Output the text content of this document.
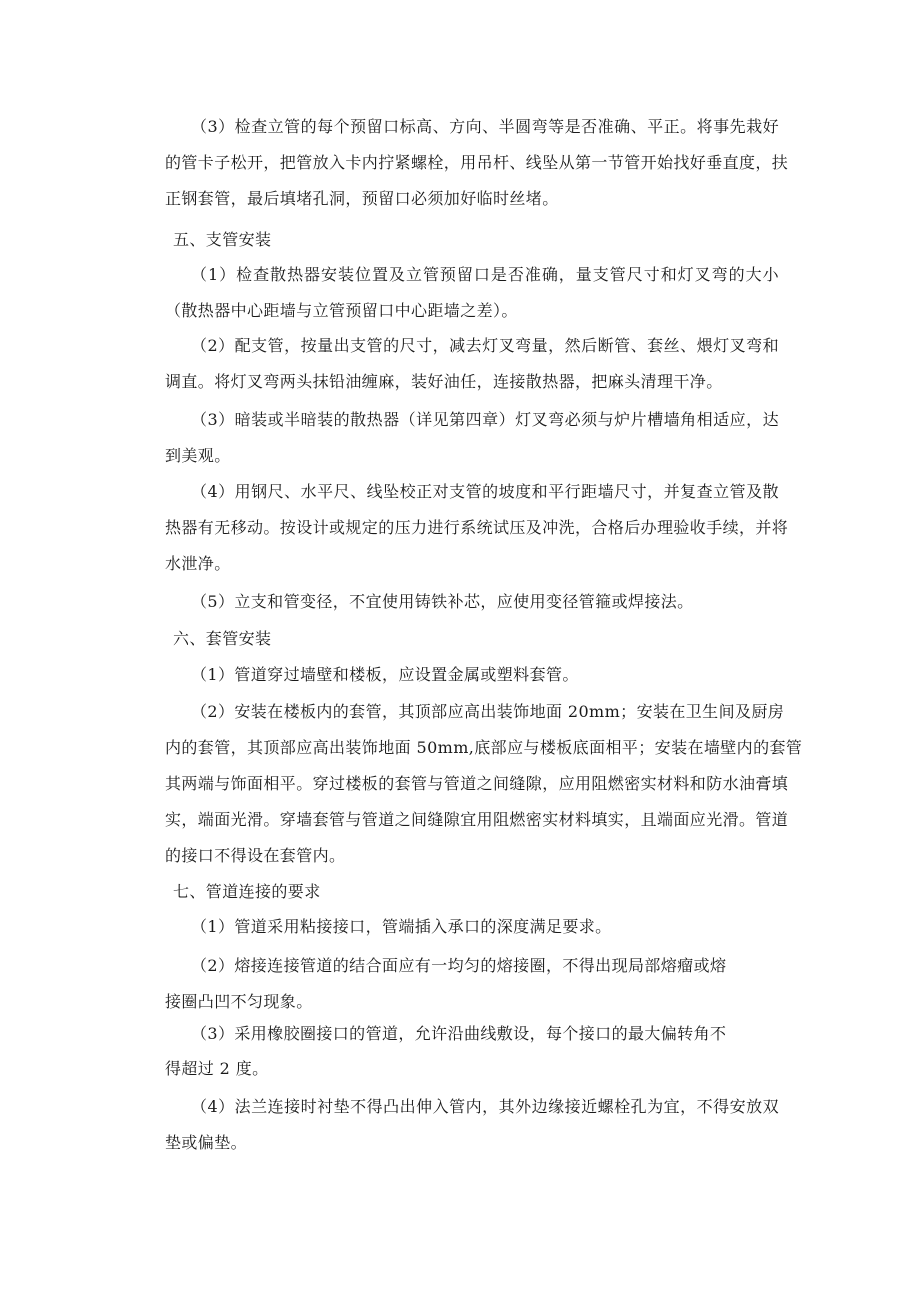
（3）检查立管的每个预留口标高、方向、半圆弯等是否准确、平正。将事先栽好
的管卡子松开，把管放入卡内拧紧螺栓，用吊杆、线坠从第一节管开始找好垂直度，扶
正钢套管，最后填堵孔洞，预留口必须加好临时丝堵。
五、支管安装
（1）检查散热器安装位置及立管预留口是否准确，量支管尺寸和灯叉弯的大小
（散热器中心距墙与立管预留口中心距墙之差）。
（2）配支管，按量出支管的尺寸，减去灯叉弯量，然后断管、套丝、煨灯叉弯和
调直。将灯叉弯两头抹铅油缠麻，装好油任，连接散热器，把麻头清理干净。
（3）暗装或半暗装的散热器（详见第四章）灯叉弯必须与炉片槽墙角相适应，达
到美观。
（4）用钢尺、水平尺、线坠校正对支管的坡度和平行距墙尺寸，并复查立管及散
热器有无移动。按设计或规定的压力进行系统试压及冲洗，合格后办理验收手续，并将
水泄净。
（5）立支和管变径，不宜使用铸铁补芯，应使用变径管箍或焊接法。
六、套管安装
（1）管道穿过墙壁和楼板，应设置金属或塑料套管。
（2）安装在楼板内的套管，其顶部应高出装饰地面 20mm；安装在卫生间及厨房
内的套管，其顶部应高出装饰地面 50mm,底部应与楼板底面相平；安装在墙壁内的套管
其两端与饰面相平。穿过楼板的套管与管道之间缝隙，应用阻燃密实材料和防水油膏填
实，端面光滑。穿墙套管与管道之间缝隙宜用阻燃密实材料填实，且端面应光滑。管道
的接口不得设在套管内。
七、管道连接的要求
（1）管道采用粘接接口，管端插入承口的深度满足要求。
（2）熔接连接管道的结合面应有一均匀的熔接圈，不得出现局部熔瘤或熔
接圈凸凹不匀现象。
（3）采用橡胶圈接口的管道，允许沿曲线敷设，每个接口的最大偏转角不
得超过 2 度。
（4）法兰连接时衬垫不得凸出伸入管内，其外边缘接近螺栓孔为宜，不得安放双
垫或偏垫。
